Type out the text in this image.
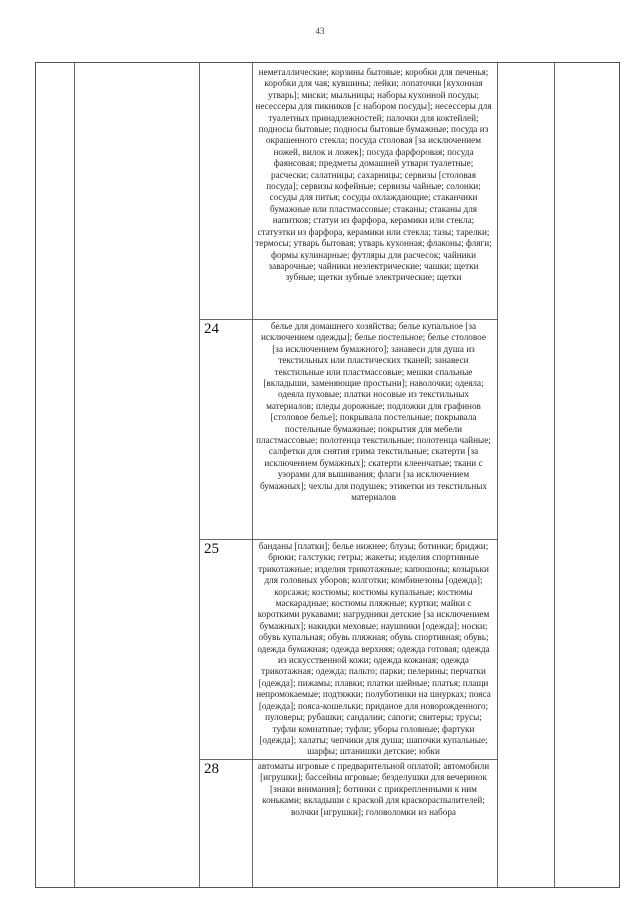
43

неметаллические; корзины бытовые; коробки для печенья; коробки для чая; кувшины; лейки; лопаточки [кухонная утварь]; миски; мыльницы; наборы кухонной посуды; несессеры для пикников [с набором посуды]; несессеры для туалетных принадлежностей; палочки для коктейлей; подносы бытовые; подносы бытовые бумажные; посуда из окрашенного стекла; посуда столовая [за исключением ножей, вилок и ложек]; посуда фарфоровая; посуда фаянсовая; предметы домашней утвари туалетные; расчески; салатницы; сахарницы; сервизы [столовая посуда]; сервизы кофейные; сервизы чайные; солонки; сосуды для питья; сосуды охлаждающие; стаканчики бумажные или пластмассовые; стаканы; стаканы для напитков; статуи из фарфора, керамики или стекла; статуэтки из фарфора, керамики или стекла; тазы; тарелки; термосы; утварь бытовая; утварь кухонная; флаконы; фляги; формы кулинарные; футляры для расчесок; чайники заварочные; чайники неэлектрические; чашки; щетки зубные; щетки зубные электрические; щетки

24	белье для домашнего хозяйства; белье купальное [за исключением одежды]; белье постельное; белье столовое [за исключением бумажного]; занавеси для душа из текстильных или пластических тканей; занавеси текстильные или пластмассовые; мешки спальные [вкладыши, заменяющие простыни]; наволочки; одеяла; одеяла пуховые; платки носовые из текстильных материалов; пледы дорожные; подложки для графинов [столовое белье]; покрывала постельные; покрывала постельные бумажные; покрытия для мебели пластмассовые; полотенца текстильные; полотенца чайные; салфетки для снятия грима текстильные; скатерти [за исключением бумажных]; скатерти клеенчатые; ткани с узорами для вышивания; флаги [за исключением бумажных]; чехлы для подушек; этикетки из текстильных материалов

25	банданы [платки]; белье нижнее; блузы; ботинки; бриджи; брюки; галстуки; гетры; жакеты; изделия спортивные трикотажные; изделия трикотажные; капюшоны; козырьки для головных уборов; колготки; комбинезоны [одежда]; корсажи; костюмы; костюмы купальные; костюмы маскарадные; костюмы пляжные; куртки; майки с короткими рукавами; нагрудники детские [за исключением бумажных]; накидки меховые; наушники [одежда]; носки; обувь купальная; обувь пляжная; обувь спортивная; обувь; одежда бумажная; одежда верхняя; одежда готовая; одежда из искусственной кожи; одежда кожаная; одежда трикотажная; одежда; пальто; парки; пелерины; перчатки [одежда]; пижамы; плавки; платки шейные; платья; плащи непромокаемые; подтяжки; полуботинки на шнурках; пояса [одежда]; пояса-кошельки; приданое для новорожденного; пуловеры; рубашки; сандалии; сапоги; свитеры; трусы; туфли комнатные; туфли; уборы головные; фартуки [одежда]; халаты; чепчики для душа; шапочки купальные; шарфы; штанишки детские; юбки

28	автоматы игровые с предварительной оплатой; автомобили [игрушки]; бассейны игровые; безделушки для вечеринок [знаки внимания]; ботинки с прикрепленными к ним коньками; вкладыши с краской для краскораспылителей; волчки [игрушки]; головоломки из набора
